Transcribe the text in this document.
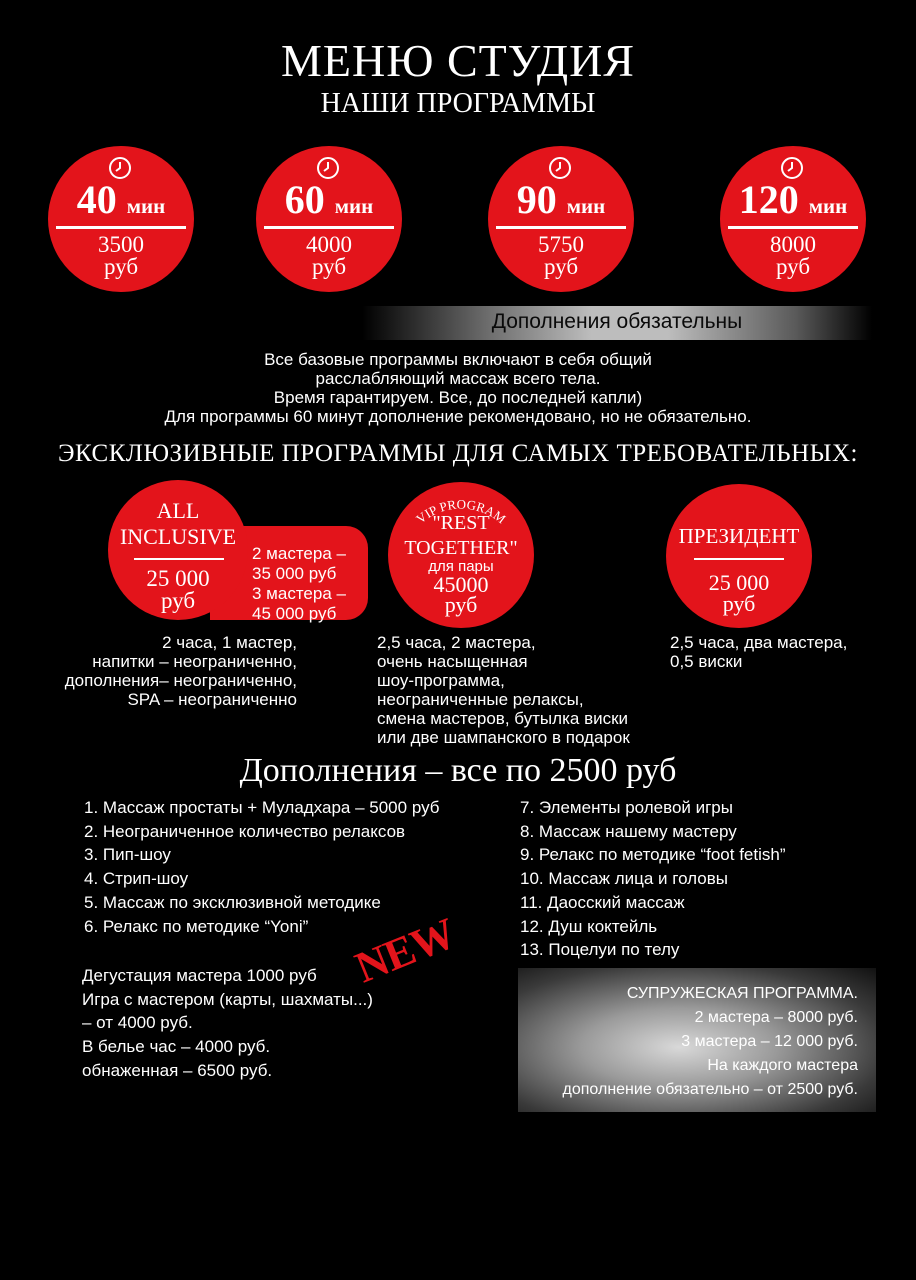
МЕНЮ СТУДИЯ
НАШИ ПРОГРАММЫ
40 мин
3500
руб
60 мин
4000
руб
90 мин
5750
руб
120 мин
8000
руб
Дополнения обязательны
Все базовые программы включают в себя общий
расслабляющий массаж всего тела.
Время гарантируем. Все, до последней капли)
Для программы 60 минут дополнение рекомендовано, но не обязательно.
ЭКСКЛЮЗИВНЫЕ ПРОГРАММЫ ДЛЯ САМЫХ ТРЕБОВАТЕЛЬНЫХ:
ALL
INCLUSIVE
25 000
руб
2 мастера –
35 000 руб
3 мастера –
45 000 руб
2 часа, 1 мастер,
напитки – неограниченно,
дополнения– неограниченно,
SPA – неограниченно
VIP PROGRAM
"REST
TOGETHER"
для пары
45000
руб
2,5 часа, 2 мастера,
очень насыщенная
шоу-программа,
неограниченные релаксы,
смена мастеров, бутылка виски
или две шампанского в подарок
ПРЕЗИДЕНТ
25 000
руб
2,5 часа, два мастера,
0,5 виски
Дополнения – все по 2500 руб
1. Массаж простаты + Муладхара – 5000 руб
2. Неограниченное количество релаксов
3. Пип-шоу
4. Стрип-шоу
5. Массаж по эксклюзивной методике
6. Релакс по методике “Yoni”
7. Элементы ролевой игры
8. Массаж нашему мастеру
9. Релакс по методике “foot fetish”
10. Массаж лица и головы
11. Даосский массаж
12. Душ коктейль
13. Поцелуи по телу
Дегустация мастера 1000 руб
Игра с мастером (карты, шахматы...)
– от 4000 руб.
В белье час – 4000 руб.
обнаженная – 6500 руб.
NEW
СУПРУЖЕСКАЯ ПРОГРАММА.
2 мастера – 8000 руб.
3 мастера – 12 000 руб.
На каждого мастера
дополнение обязательно – от 2500 руб.
